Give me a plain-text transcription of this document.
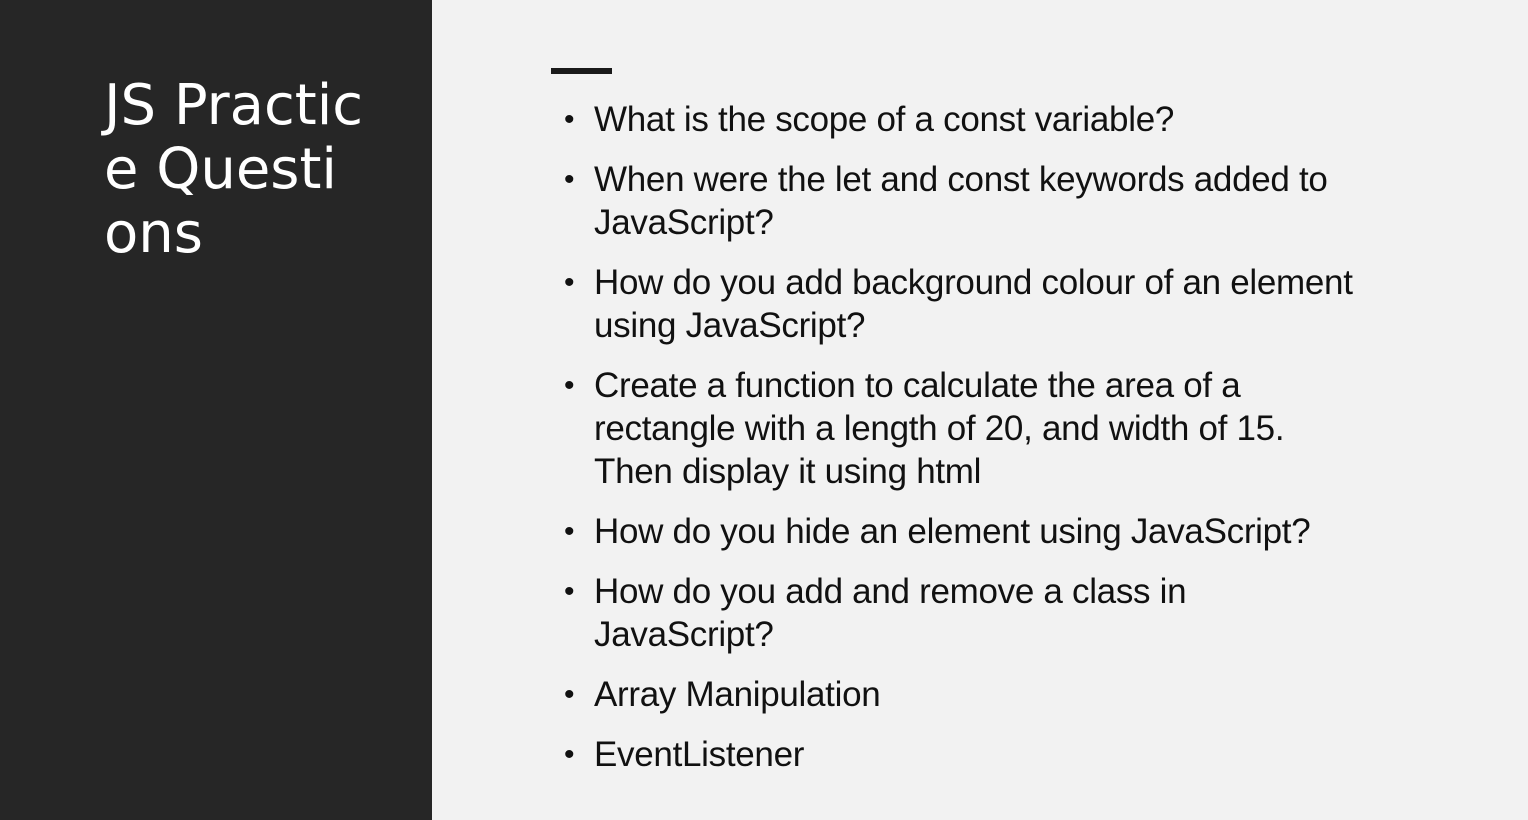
JS Practice Questions
• What is the scope of a const variable?
• When were the let and const keywords added to JavaScript?
• How do you add background colour of an element using JavaScript?
• Create a function to calculate the area of a rectangle with a length of 20, and width of 15. Then display it using html
• How do you hide an element using JavaScript?
• How do you add and remove a class in JavaScript?
• Array Manipulation
• EventListener
